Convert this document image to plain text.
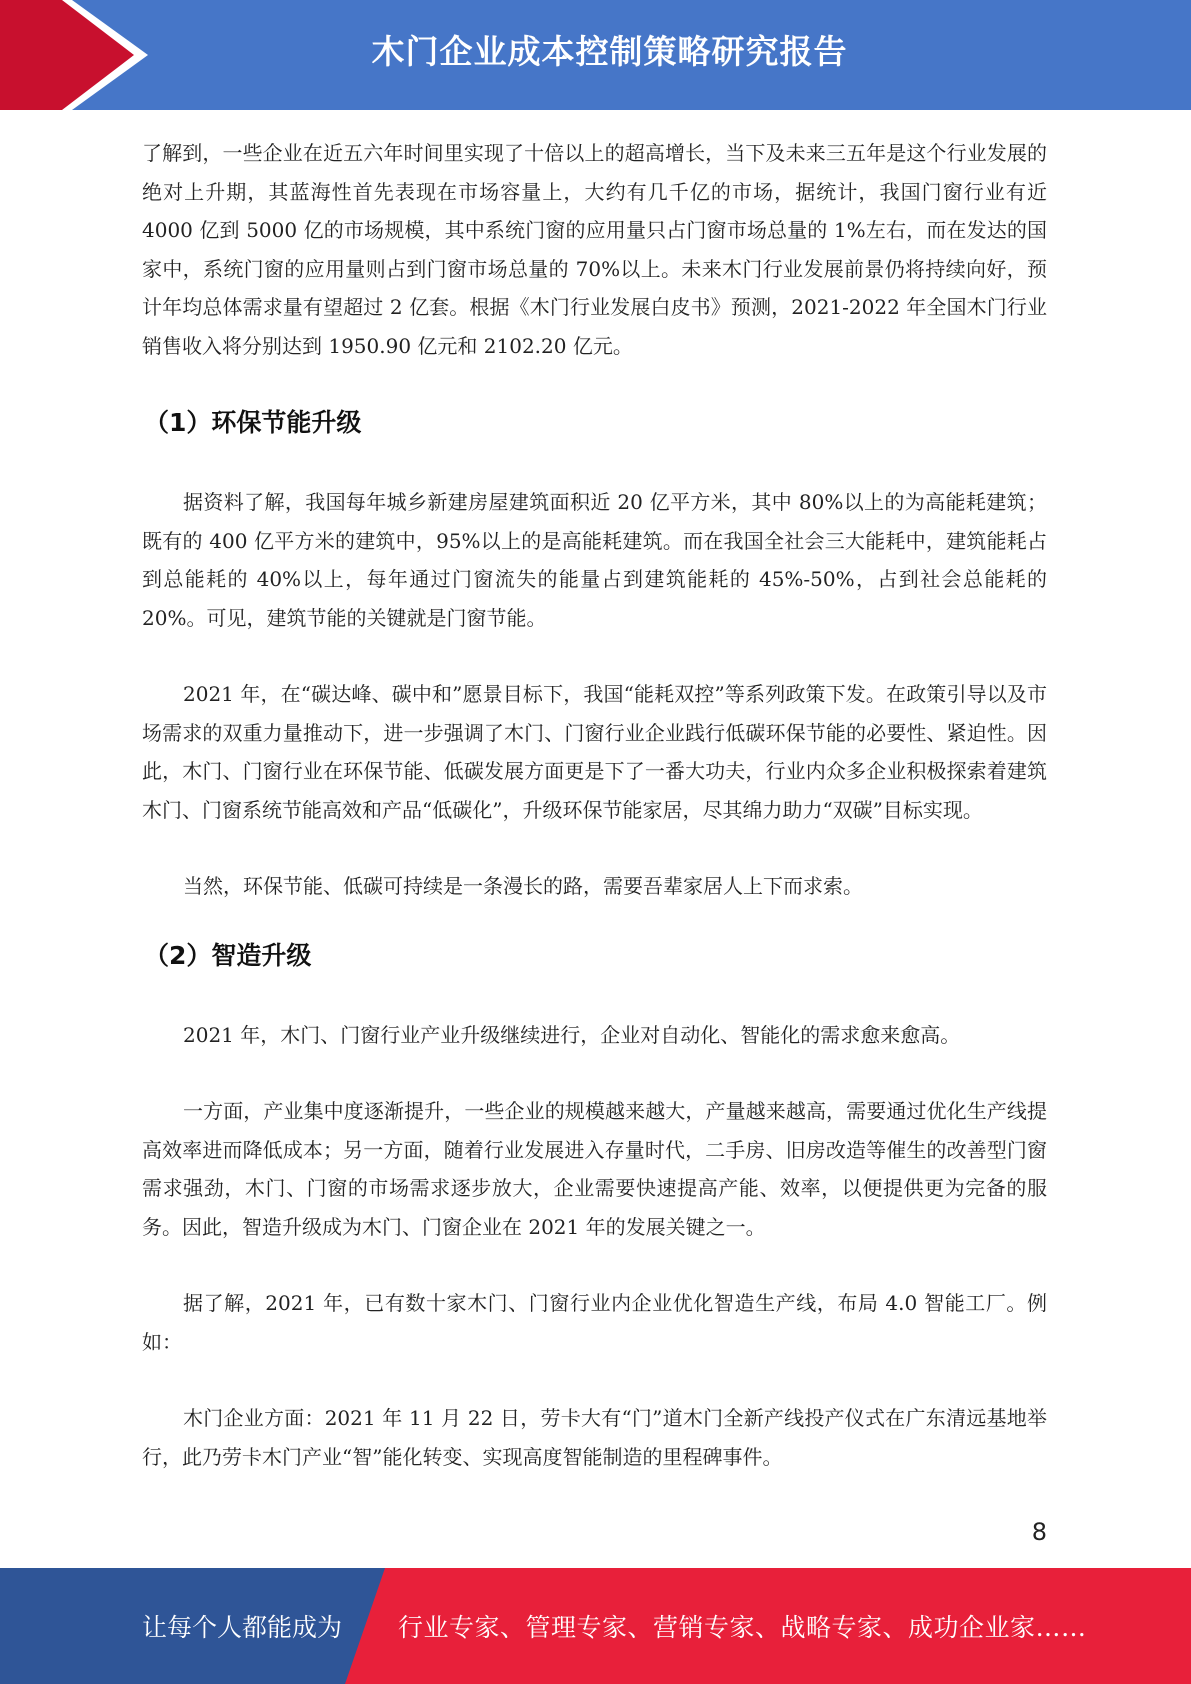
木门企业成本控制策略研究报告

了解到，一些企业在近五六年时间里实现了十倍以上的超高增长，当下及未来三五年是这个行业发展的绝对上升期，其蓝海性首先表现在市场容量上，大约有几千亿的市场，据统计，我国门窗行业有近 4000 亿到 5000 亿的市场规模，其中系统门窗的应用量只占门窗市场总量的 1%左右，而在发达的国家中，系统门窗的应用量则占到门窗市场总量的 70%以上。未来木门行业发展前景仍将持续向好，预计年均总体需求量有望超过 2 亿套。根据《木门行业发展白皮书》预测，2021-2022 年全国木门行业销售收入将分别达到 1950.90 亿元和 2102.20 亿元。

（1）环保节能升级

据资料了解，我国每年城乡新建房屋建筑面积近 20 亿平方米，其中 80%以上的为高能耗建筑；既有的 400 亿平方米的建筑中，95%以上的是高能耗建筑。而在我国全社会三大能耗中，建筑能耗占到总能耗的 40%以上，每年通过门窗流失的能量占到建筑能耗的 45%-50%，占到社会总能耗的 20%。可见，建筑节能的关键就是门窗节能。

2021 年，在“碳达峰、碳中和”愿景目标下，我国“能耗双控”等系列政策下发。在政策引导以及市场需求的双重力量推动下，进一步强调了木门、门窗行业企业践行低碳环保节能的必要性、紧迫性。因此，木门、门窗行业在环保节能、低碳发展方面更是下了一番大功夫，行业内众多企业积极探索着建筑木门、门窗系统节能高效和产品“低碳化”，升级环保节能家居，尽其绵力助力“双碳”目标实现。

当然，环保节能、低碳可持续是一条漫长的路，需要吾辈家居人上下而求索。

（2）智造升级

2021 年，木门、门窗行业产业升级继续进行，企业对自动化、智能化的需求愈来愈高。

一方面，产业集中度逐渐提升，一些企业的规模越来越大，产量越来越高，需要通过优化生产线提高效率进而降低成本；另一方面，随着行业发展进入存量时代，二手房、旧房改造等催生的改善型门窗需求强劲，木门、门窗的市场需求逐步放大，企业需要快速提高产能、效率，以便提供更为完备的服务。因此，智造升级成为木门、门窗企业在 2021 年的发展关键之一。

据了解，2021 年，已有数十家木门、门窗行业内企业优化智造生产线，布局 4.0 智能工厂。例如：

木门企业方面：2021 年 11 月 22 日，劳卡大有“门”道木门全新产线投产仪式在广东清远基地举行，此乃劳卡木门产业“智”能化转变、实现高度智能制造的里程碑事件。

8
让每个人都能成为 行业专家、管理专家、营销专家、战略专家、成功企业家……
